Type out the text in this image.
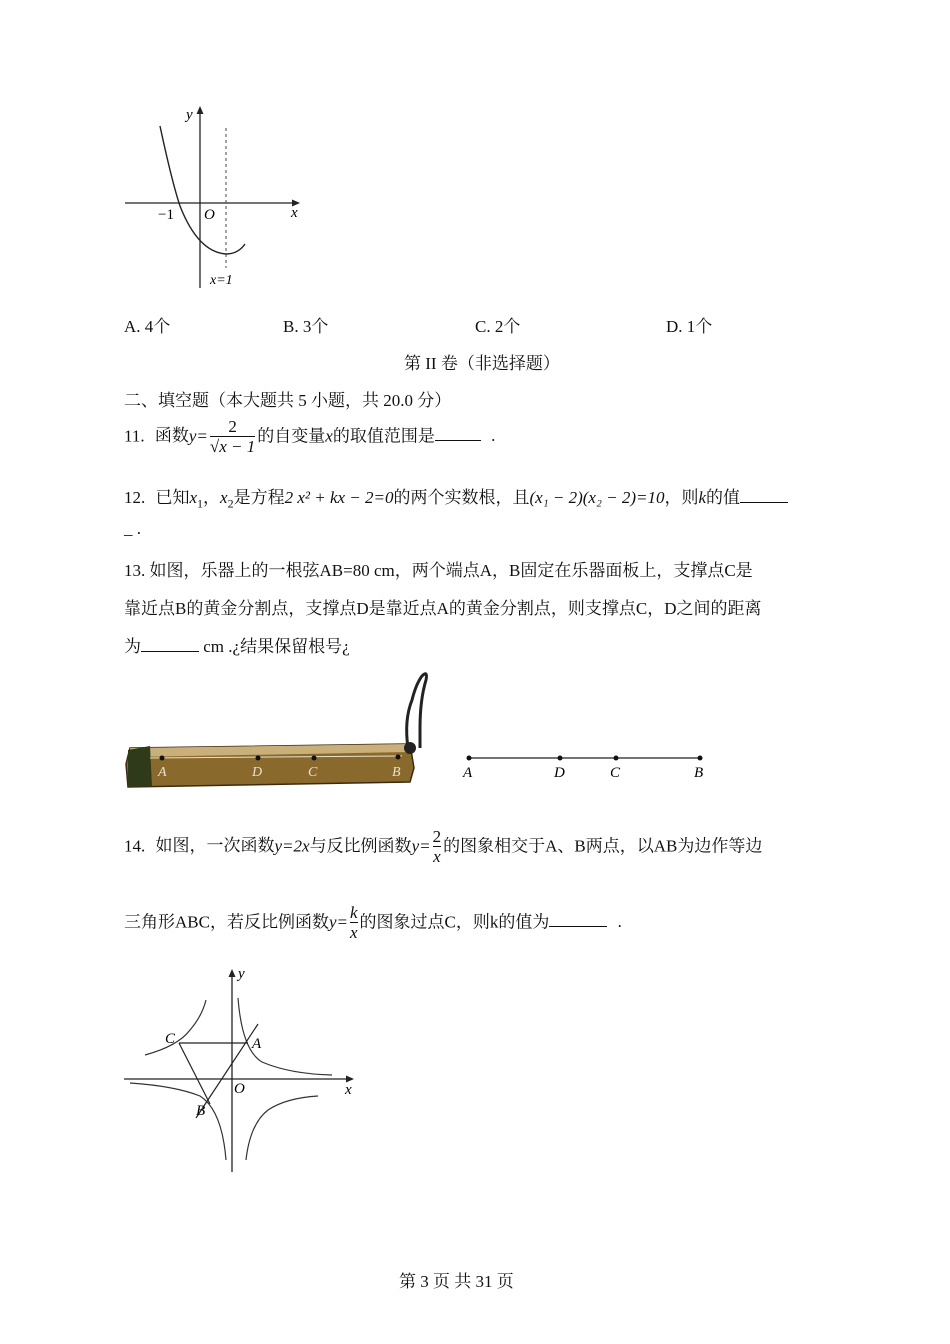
y
x
O
−1
x=1
A. 4个	B. 3个	C. 2个	D. 1个
第 II 卷（非选择题）
二、填空题（本大题共 5 小题，共 20.0 分）
11. 函数$y= \frac{2}{√x - 1}$ 的自变量x的取值范围是	.
12. 已知$x_1$，$x_2$是方程2 x² + kx − 2=0的两个实数根，且(x₁ − 2)(x₂ − 2)=10，则k的值
_ .
13. 如图，乐器上的一根弦AB=80 cm，两个端点A，B固定在乐器面板上，支撑点C是
靠近点B的黄金分割点，支撑点D是靠近点A的黄金分割点，则支撑点C，D之间的距离
为	cm .¿结果保留根号¿
A	D	C	B	A	D	C	B
14. 如图，一次函数y=2x与反比例函数$y= \frac{2}{x}$ 的图象相交于A、B两点，以AB为边作等边
三角形ABC，若反比例函数$y= \frac{k}{x}$ 的图象过点C，则k的值为	.
C	A
B
O
y
x
第 3 页 共 31 页
